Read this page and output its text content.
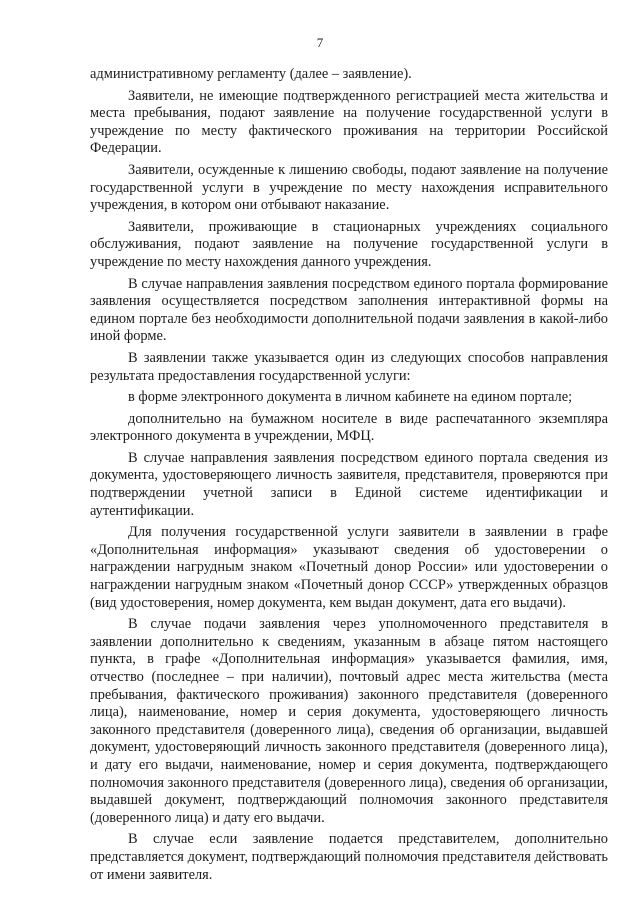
7

административному регламенту (далее – заявление).

Заявители, не имеющие подтвержденного регистрацией места жительства и места пребывания, подают заявление на получение государственной услуги в учреждение по месту фактического проживания на территории Российской Федерации.

Заявители, осужденные к лишению свободы, подают заявление на получение государственной услуги в учреждение по месту нахождения исправительного учреждения, в котором они отбывают наказание.

Заявители, проживающие в стационарных учреждениях социального обслуживания, подают заявление на получение государственной услуги в учреждение по месту нахождения данного учреждения.

В случае направления заявления посредством единого портала формирование заявления осуществляется посредством заполнения интерактивной формы на едином портале без необходимости дополнительной подачи заявления в какой-либо иной форме.

В заявлении также указывается один из следующих способов направления результата предоставления государственной услуги:

в форме электронного документа в личном кабинете на едином портале;

дополнительно на бумажном носителе в виде распечатанного экземпляра электронного документа в учреждении, МФЦ.

В случае направления заявления посредством единого портала сведения из документа, удостоверяющего личность заявителя, представителя, проверяются при подтверждении учетной записи в Единой системе идентификации и аутентификации.

Для получения государственной услуги заявители в заявлении в графе «Дополнительная информация» указывают сведения об удостоверении о награждении нагрудным знаком «Почетный донор России» или удостоверении о награждении нагрудным знаком «Почетный донор СССР» утвержденных образцов (вид удостоверения, номер документа, кем выдан документ, дата его выдачи).

В случае подачи заявления через уполномоченного представителя в заявлении дополнительно к сведениям, указанным в абзаце пятом настоящего пункта, в графе «Дополнительная информация» указывается фамилия, имя, отчество (последнее – при наличии), почтовый адрес места жительства (места пребывания, фактического проживания) законного представителя (доверенного лица), наименование, номер и серия документа, удостоверяющего личность законного представителя (доверенного лица), сведения об организации, выдавшей документ, удостоверяющий личность законного представителя (доверенного лица), и дату его выдачи, наименование, номер и серия документа, подтверждающего полномочия законного представителя (доверенного лица), сведения об организации, выдавшей документ, подтверждающий полномочия законного представителя (доверенного лица) и дату его выдачи.

В случае если заявление подается представителем, дополнительно представляется документ, подтверждающий полномочия представителя действовать от имени заявителя.
